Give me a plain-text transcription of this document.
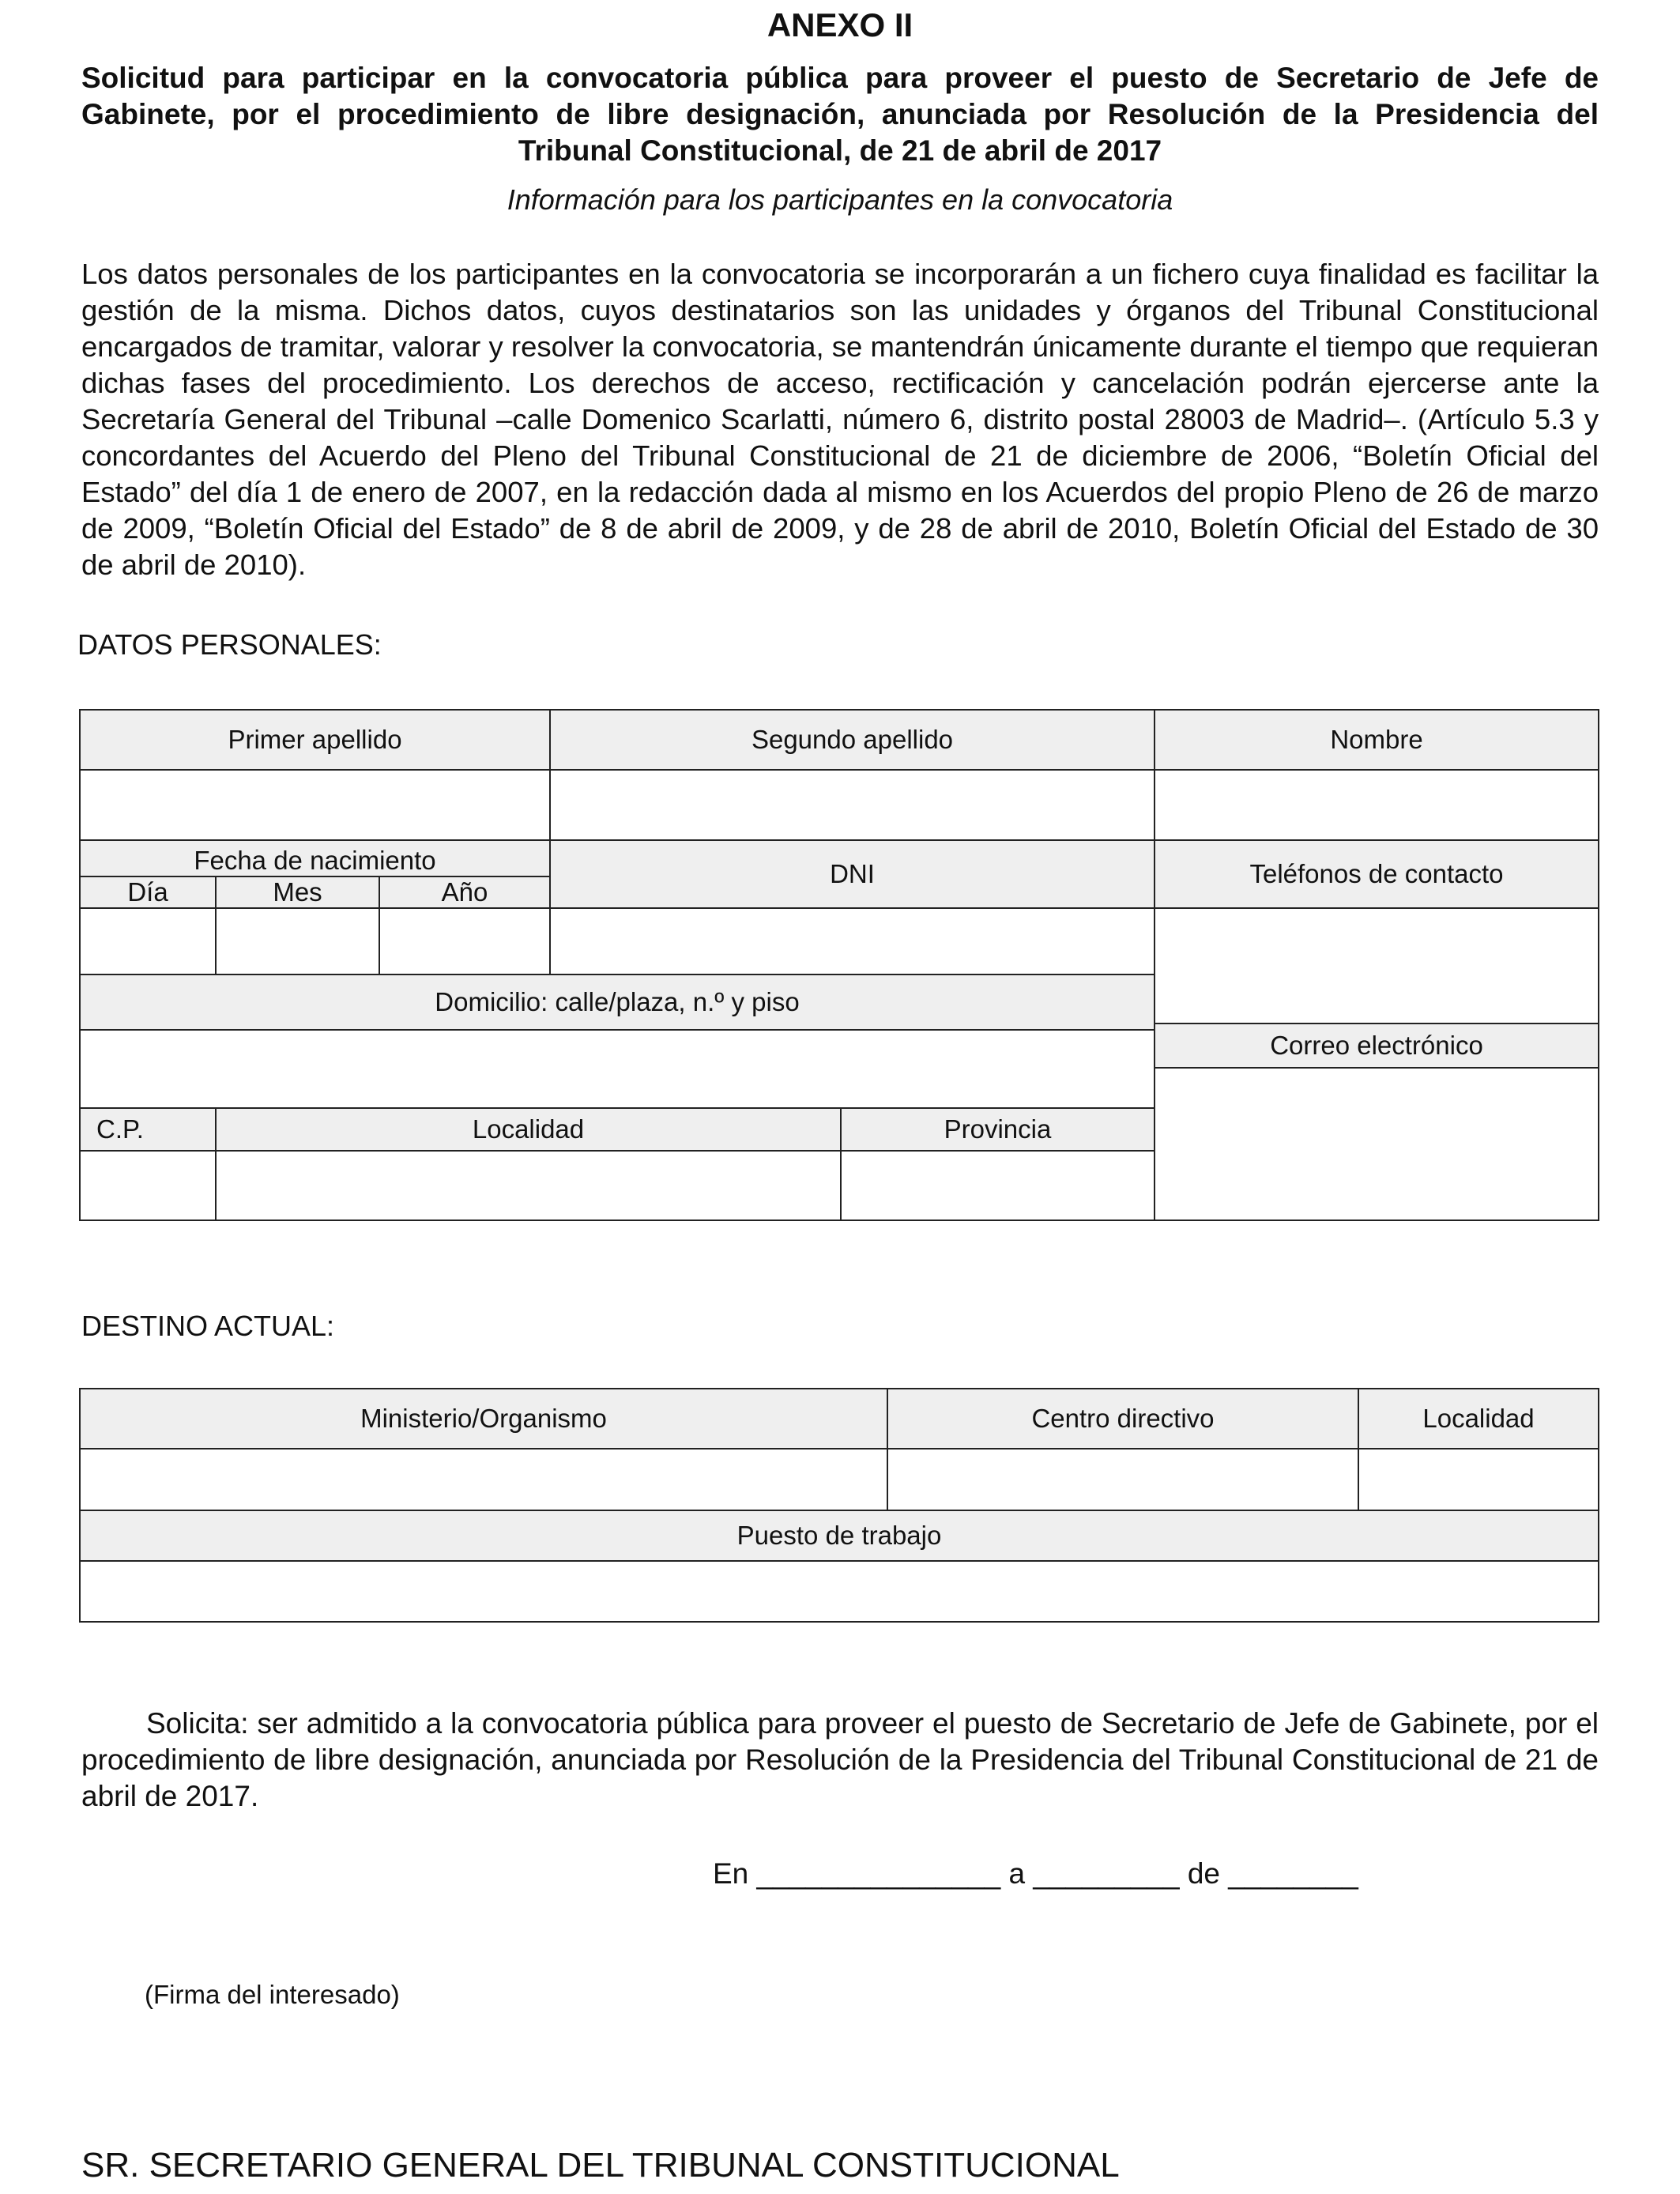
ANEXO II
Solicitud para participar en la convocatoria pública para proveer el puesto de Secretario de Jefe de Gabinete, por el procedimiento de libre designación, anunciada por Resolución de la Presidencia del Tribunal Constitucional, de 21 de abril de 2017
Información para los participantes en la convocatoria
Los datos personales de los participantes en la convocatoria se incorporarán a un fichero cuya finalidad es facilitar la gestión de la misma. Dichos datos, cuyos destinatarios son las unidades y órganos del Tribunal Constitucional encargados de tramitar, valorar y resolver la convocatoria, se mantendrán únicamente durante el tiempo que requieran dichas fases del procedimiento. Los derechos de acceso, rectificación y cancelación podrán ejercerse ante la Secretaría General del Tribunal –calle Domenico Scarlatti, número 6, distrito postal 28003 de Madrid–. (Artículo 5.3 y concordantes del Acuerdo del Pleno del Tribunal Constitucional de 21 de diciembre de 2006, “Boletín Oficial del Estado” del día 1 de enero de 2007, en la redacción dada al mismo en los Acuerdos del propio Pleno de 26 de marzo de 2009, “Boletín Oficial del Estado” de 8 de abril de 2009, y de 28 de abril de 2010, Boletín Oficial del Estado de 30 de abril de 2010).
DATOS PERSONALES:
Primer apellido	Segundo apellido	Nombre
Fecha de nacimiento
Día	Mes	Año
DNI	Teléfonos de contacto
Domicilio: calle/plaza, n.º y piso
Correo electrónico
C.P.	Localidad	Provincia
DESTINO ACTUAL:
Ministerio/Organismo	Centro directivo	Localidad
Puesto de trabajo
Solicita: ser admitido a la convocatoria pública para proveer el puesto de Secretario de Jefe de Gabinete, por el procedimiento de libre designación, anunciada por Resolución de la Presidencia del Tribunal Constitucional de 21 de abril de 2017.
En _______________ a _________ de ________
(Firma del interesado)
SR. SECRETARIO GENERAL DEL TRIBUNAL CONSTITUCIONAL
